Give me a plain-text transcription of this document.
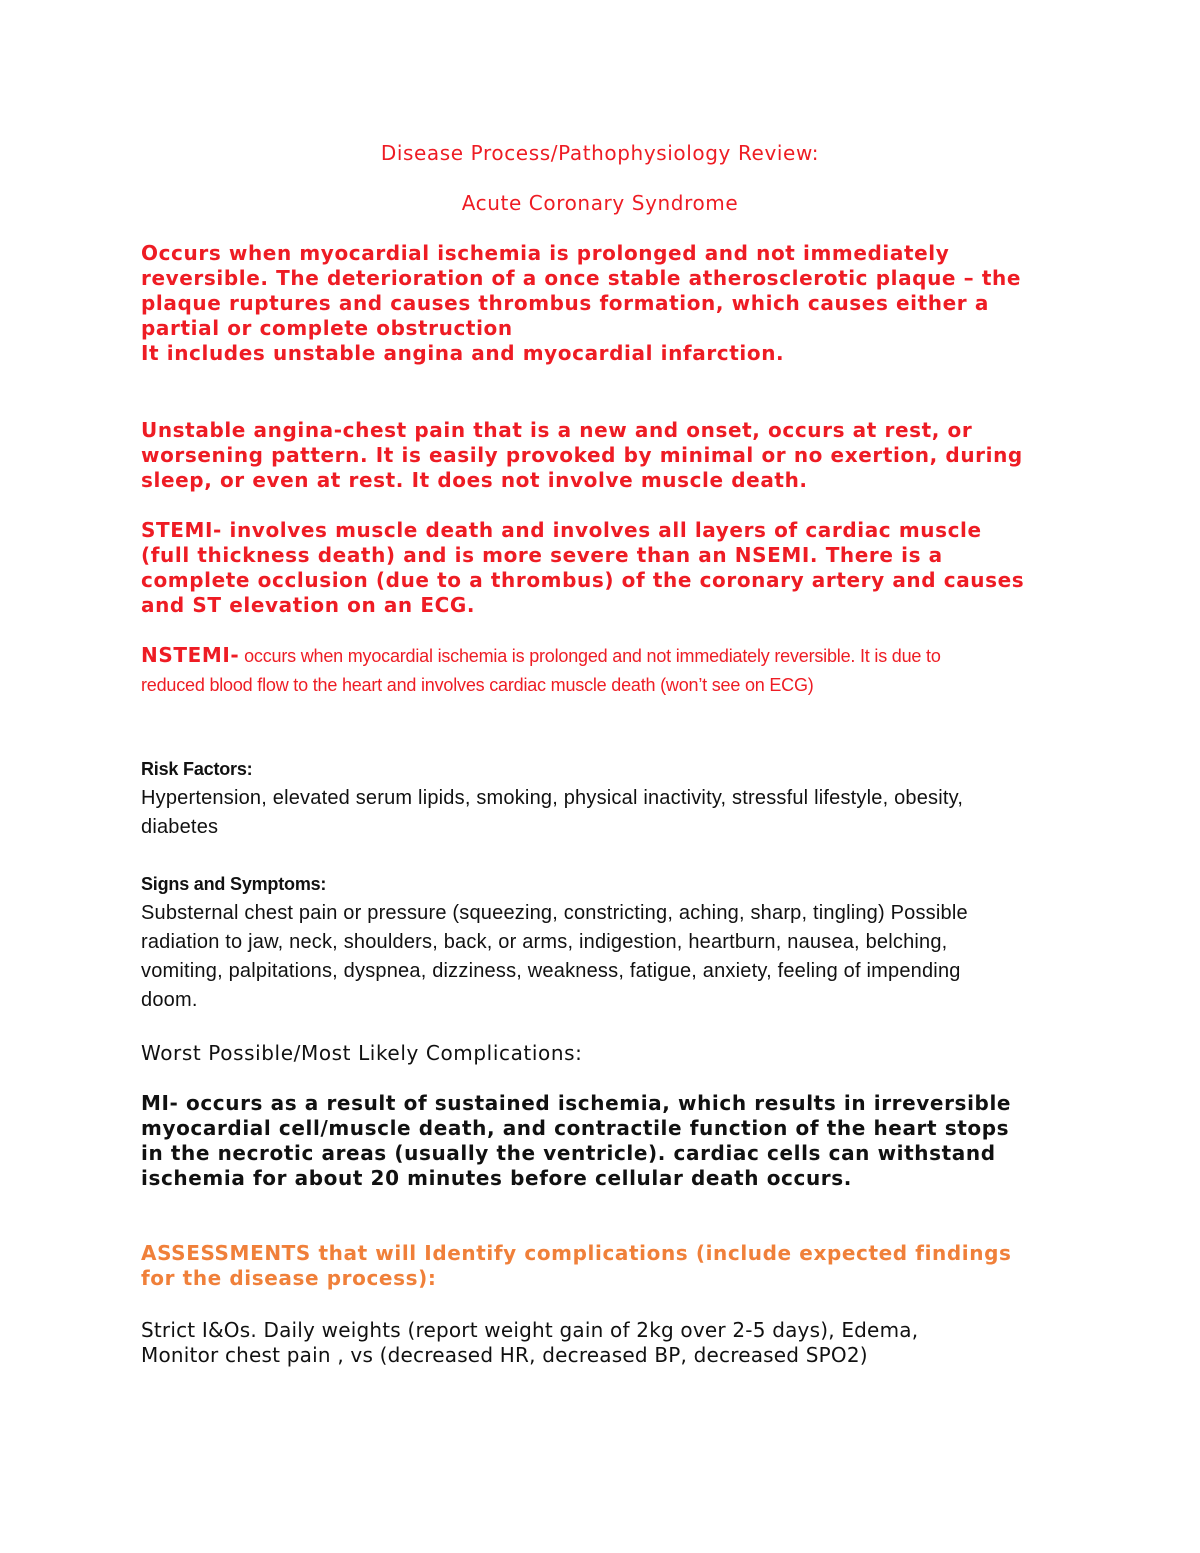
Disease Process/Pathophysiology Review:

Acute Coronary Syndrome

Occurs when myocardial ischemia is prolonged and not immediately
reversible. The deterioration of a once stable atherosclerotic plaque – the
plaque ruptures and causes thrombus formation, which causes either a
partial or complete obstruction
It includes unstable angina and myocardial infarction.

Unstable angina-chest pain that is a new and onset, occurs at rest, or
worsening pattern. It is easily provoked by minimal or no exertion, during
sleep, or even at rest. It does not involve muscle death.

STEMI- involves muscle death and involves all layers of cardiac muscle
(full thickness death) and is more severe than an NSEMI. There is a
complete occlusion (due to a thrombus) of the coronary artery and causes
and ST elevation on an ECG.

NSTEMI- occurs when myocardial ischemia is prolonged and not immediately reversible. It is due to
reduced blood flow to the heart and involves cardiac muscle death (won’t see on ECG)

Risk Factors:
Hypertension, elevated serum lipids, smoking, physical inactivity, stressful lifestyle, obesity,
diabetes

Signs and Symptoms:
Substernal chest pain or pressure (squeezing, constricting, aching, sharp, tingling) Possible
radiation to jaw, neck, shoulders, back, or arms, indigestion, heartburn, nausea, belching,
vomiting, palpitations, dyspnea, dizziness, weakness, fatigue, anxiety, feeling of impending
doom.

Worst Possible/Most Likely Complications:

MI- occurs as a result of sustained ischemia, which results in irreversible
myocardial cell/muscle death, and contractile function of the heart stops
in the necrotic areas (usually the ventricle). cardiac cells can withstand
ischemia for about 20 minutes before cellular death occurs.

ASSESSMENTS that will Identify complications (include expected findings
for the disease process):

Strict I&Os. Daily weights (report weight gain of 2kg over 2-5 days), Edema,
Monitor chest pain , vs (decreased HR, decreased BP, decreased SPO2)
